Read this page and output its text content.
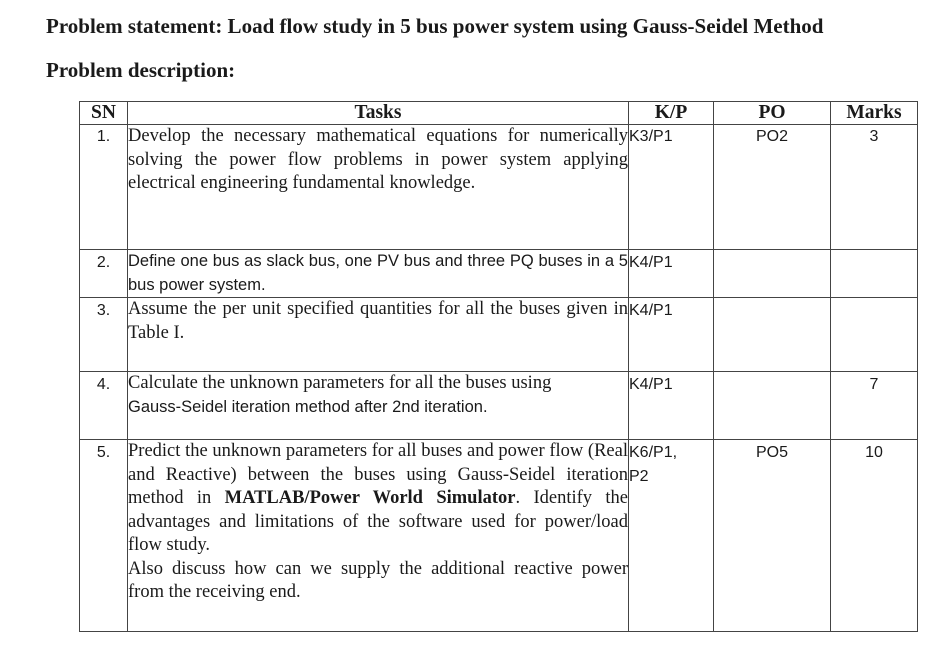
Problem statement: Load flow study in 5 bus power system using Gauss-Seidel Method
Problem description:
SN	Tasks	K/P	PO	Marks
1.	Develop the necessary mathematical equations for numerically solving the power flow problems in power system applying electrical engineering fundamental knowledge.	K3/P1	PO2	3
2.	Define one bus as slack bus, one PV bus and three PQ buses in a 5 bus power system.	K4/P1		
3.	Assume the per unit specified quantities for all the buses given in Table I.	K4/P1		
4.	Calculate the unknown parameters for all the buses using
Gauss-Seidel iteration method after 2nd iteration.	K4/P1		7
5.	Predict the unknown parameters for all buses and power flow (Real and Reactive) between the buses using Gauss-Seidel iteration method in MATLAB/Power World Simulator. Identify the advantages and limitations of the software used for power/load flow study.
Also discuss how can we supply the additional reactive power from the receiving end.	K6/P1,
P2	PO5	10
